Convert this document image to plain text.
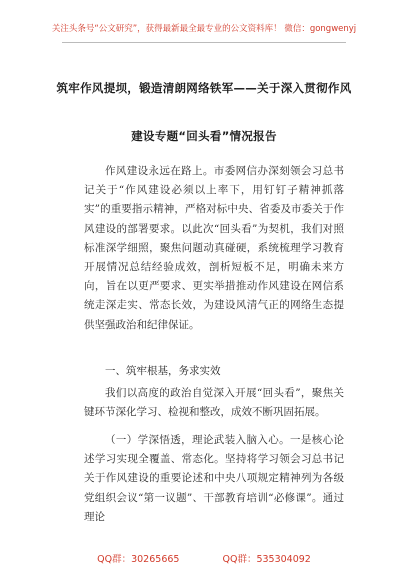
关注头条号“公文研究”，获得最新最全最专业的公文资料库！ 微信：gongwenyj
筑牢作风提坝，锻造清朗网络铁军——关于深入贯彻作风
建设专题“回头看”情况报告

作风建设永远在路上。市委网信办深刻领会习总书记关于“作风建设必须以上率下，用钉钉子精神抓落实”的重要指示精神，严格对标中央、省委及市委关于作风建设的部署要求。以此次“回头看”为契机，我们对照标准深学细照，聚焦问题动真碰硬，系统梳理学习教育开展情况总结经验成效，剖析短板不足，明确未来方向，旨在以更严要求、更实举措推动作风建设在网信系统走深走实、常态长效，为建设风清气正的网络生态提供坚强政治和纪律保证。

一、筑牢根基，务求实效

我们以高度的政治自觉深入开展“回头看”，聚焦关键环节深化学习、检视和整改，成效不断巩固拓展。

（一）学深悟透，理论武装入脑入心。一是核心论述学习实现全覆盖、常态化。坚持将学习领会习总书记关于作风建设的重要论述和中央八项规定精神列为各级党组织会议“第一议题”、干部教育培训“必修课”。通过理论

QQ群：30265665	QQ群：535304092
